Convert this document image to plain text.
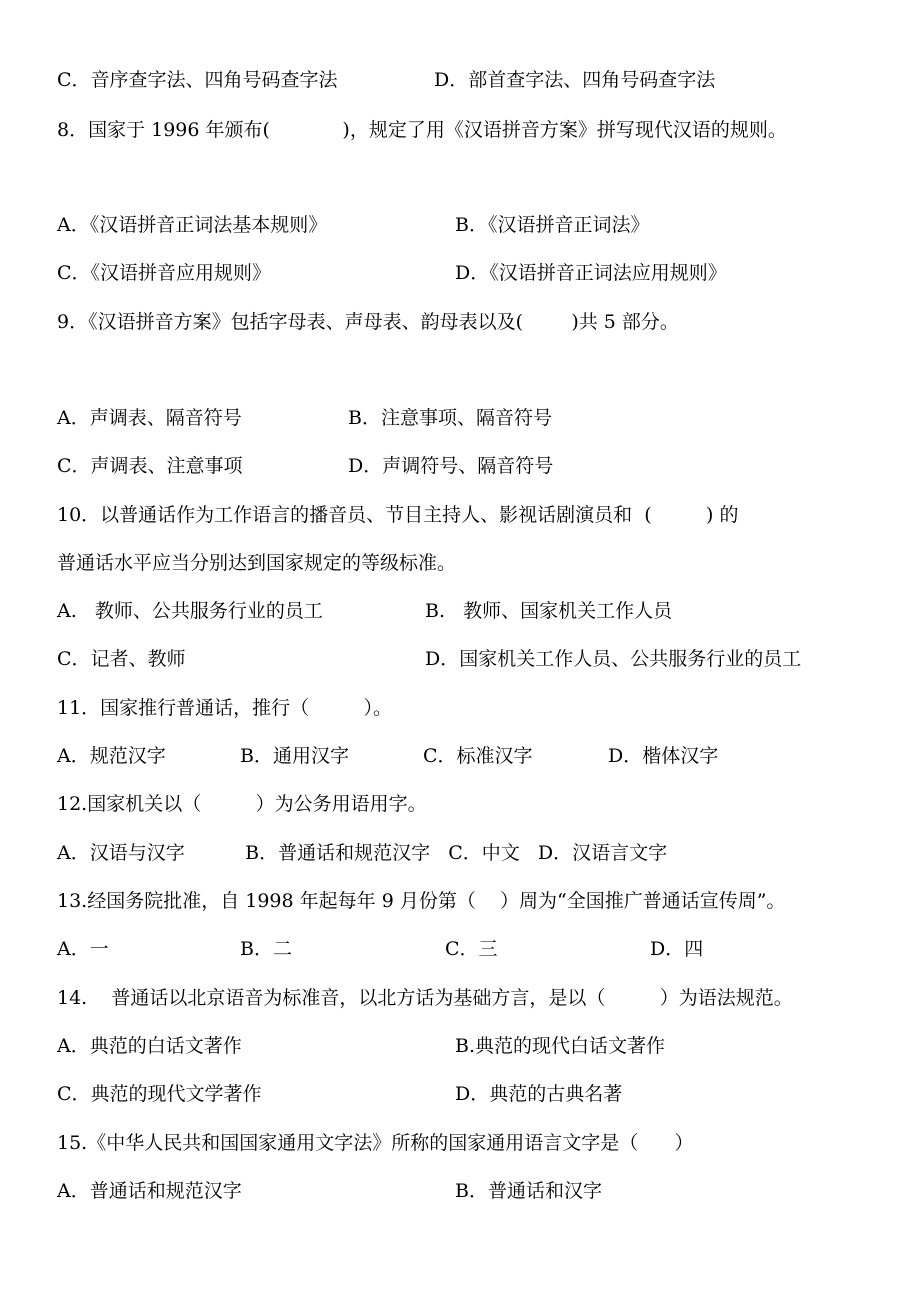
C．音序查字法、四角号码查字法	D．部首查字法、四角号码查字法
8．国家于 1996 年颁布(            )，规定了用《汉语拼音方案》拼写现代汉语的规则。
A．《汉语拼音正词法基本规则》	B．《汉语拼音正词法》
C．《汉语拼音应用规则》	D．《汉语拼音正词法应用规则》
9．《汉语拼音方案》包括字母表、声母表、韵母表以及(        )共 5 部分。
A．声调表、隔音符号	B．注意事项、隔音符号
C．声调表、注意事项	D．声调符号、隔音符号
10．以普通话作为工作语言的播音员、节目主持人、影视话剧演员和  (         ) 的
普通话水平应当分别达到国家规定的等级标准。
A.   教师、公共服务行业的员工	B.   教师、国家机关工作人员
C．记者、教师	D．国家机关工作人员、公共服务行业的员工
11．国家推行普通话，推行（         ）。
A．规范汉字	B．通用汉字	C．标准汉字	D．楷体汉字
12.国家机关以（         ）为公务用语用字。
A．汉语与汉字          B．普通话和规范汉字   C．中文   D．汉语言文字
13.经国务院批准，自 1998 年起每年 9 月份第（    ）周为“全国推广普通话宣传周”。
A．一	B．二	C．三	D．四
14.    普通话以北京语音为标准音，以北方话为基础方言，是以（         ）为语法规范。
A．典范的白话文著作	B.典范的现代白话文著作
C．典范的现代文学著作	D．典范的古典名著
15.《中华人民共和国国家通用文字法》所称的国家通用语言文字是（      ）
A．普通话和规范汉字	B．普通话和汉字
